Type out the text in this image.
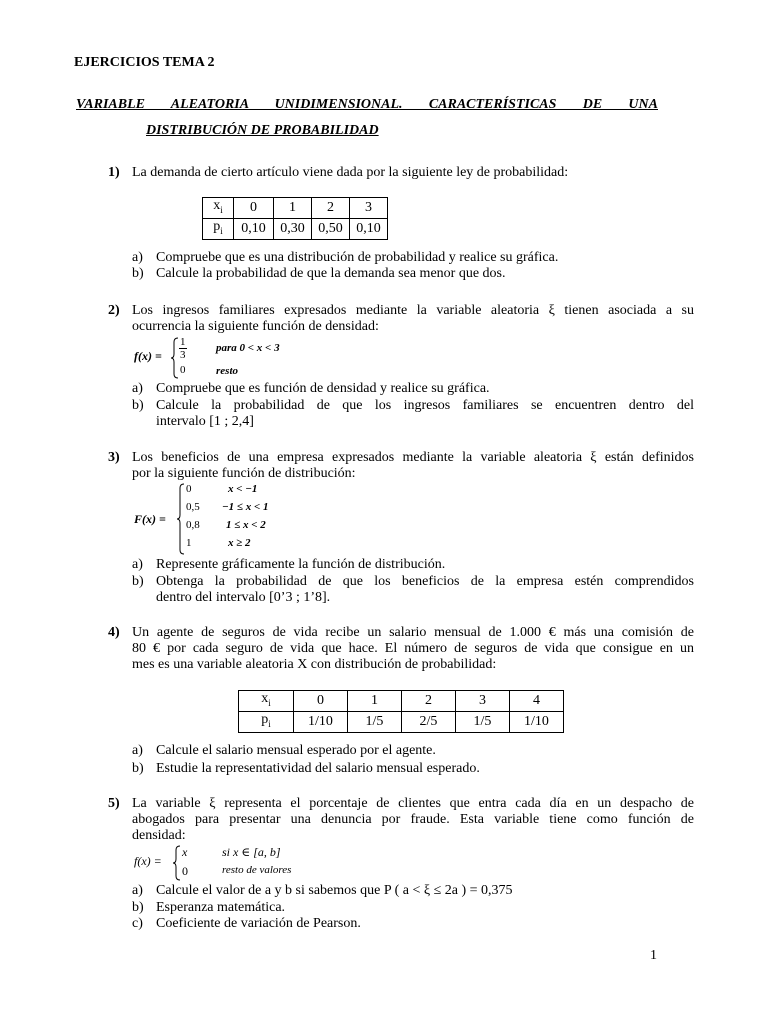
EJERCICIOS TEMA 2
VARIABLE   ALEATORIA   UNIDIMENSIONAL.   CARACTERÍSTICAS   DE   UNA
DISTRIBUCIÓN DE PROBABILIDAD
1) La demanda de cierto artículo viene dada por la siguiente ley de probabilidad:
$x_i$	0	1	2	3
$p_i$	0,10	0,30	0,50	0,10
a) Compruebe que es una distribución de probabilidad y realice su gráfica.
b) Calcule la probabilidad de que la demanda sea menor que dos.
2) Los ingresos familiares expresados mediante la variable aleatoria ξ tienen asociada a su
ocurrencia la siguiente función de densidad:
f(x) =
1
3
para 0 < x < 3
0	resto
a) Compruebe que es función de densidad y realice su gráfica.
b) Calcule la probabilidad de que los ingresos familiares se encuentren dentro del
intervalo [1 ; 2,4]
3) Los beneficios de una empresa expresados mediante la variable aleatoria ξ están definidos
por la siguiente función de distribución:
F(x) =
0	x < −1
0,5 −1 ≤ x < 1
0,8 1 ≤ x < 2
1	x ≥ 2
a) Represente gráficamente la función de distribución.
b) Obtenga la probabilidad de que los beneficios de la empresa estén comprendidos
dentro del intervalo [0’3 ; 1’8].
4) Un agente de seguros de vida recibe un salario mensual de 1.000 € más una comisión de
80 € por cada seguro de vida que hace. El número de seguros de vida que consigue en un
mes es una variable aleatoria X con distribución de probabilidad:
$x_i$	0	1	2	3	4
$p_i$	1/10	1/5	2/5	1/5	1/10
a) Calcule el salario mensual esperado por el agente.
b) Estudie la representatividad del salario mensual esperado.
5) La variable ξ representa el porcentaje de clientes que entra cada día en un despacho de
abogados para presentar una denuncia por fraude. Esta variable tiene como función de
densidad:
f(x) =
x	si x ∈ [a, b]
0	resto de valores
a) Calcule el valor de a y b si sabemos que P ( a < ξ ≤ 2a ) = 0,375
b) Esperanza matemática.
c) Coeficiente de variación de Pearson.
1
